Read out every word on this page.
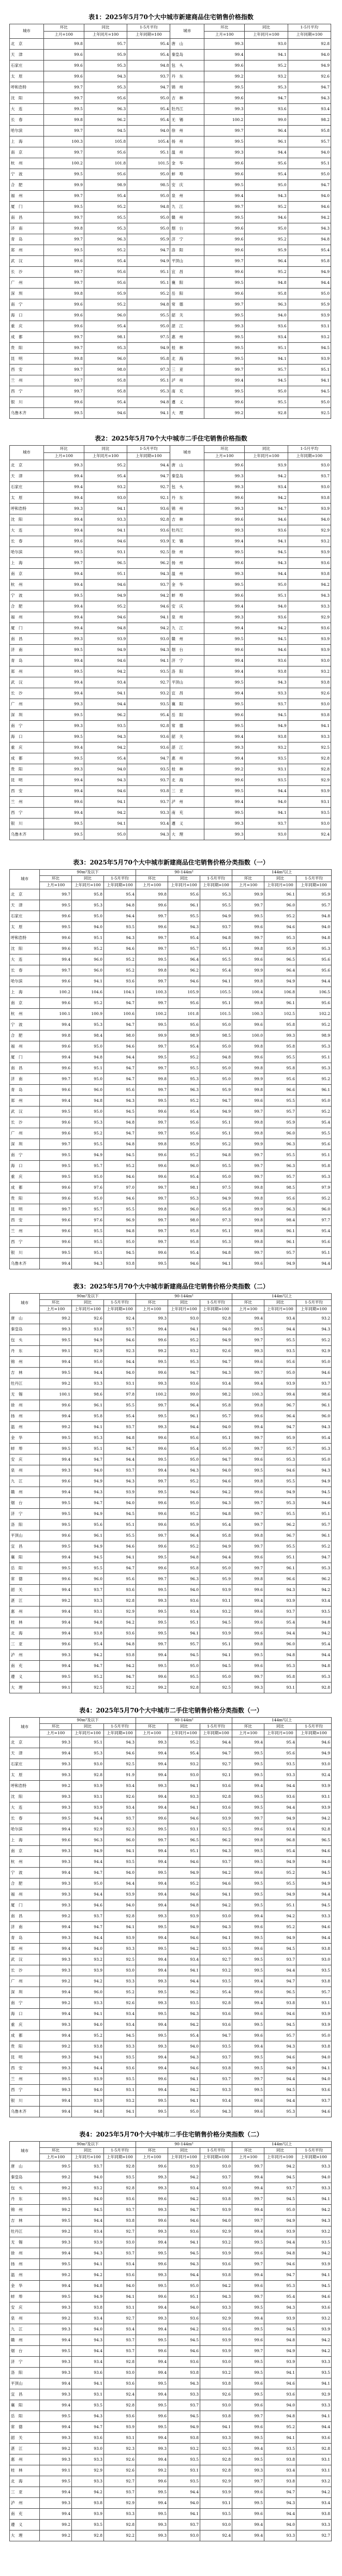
表1：2025年5月70个大中城市新建商品住宅销售价格指数
城市	环比	同比	1-5月平均	城市	环比	同比	1-5月平均
	上月=100	上年同月=100	上年同期=100		上月=100	上年同月=100	上年同期=100
北　京	99.8	95.7	95.4	唐　山	99.3	93.0	92.8
天　津	99.6	95.9	95.4	秦皇岛	99.4	94.1	94.0
石家庄	99.6	95.3	94.8	包　头	99.6	95.2	94.9
太　原	99.6	94.3	93.7	丹　东	99.2	93.2	92.6
呼和浩特	99.7	95.3	94.7	锦　州	99.5	95.3	94.7
沈　阳	99.7	95.6	95.0	吉　林	99.6	94.7	94.3
大　连	99.5	96.3	95.4	牡丹江	99.3	93.6	93.4
长　春	99.8	96.2	95.4	无　锡	100.2	99.0	98.2
哈尔滨	99.7	94.5	94.0	徐　州	99.7	96.4	95.8
上　海	100.3	105.8	105.4	扬　州	99.5	96.1	95.7
南　京	99.7	95.6	95.1	温　州	99.3	94.4	94.0
杭　州	100.2	101.8	101.5	金　华	99.6	95.6	95.1
宁　波	99.5	95.6	95.0	蚌　埠	99.6	95.4	95.0
合　肥	99.9	98.9	98.5	安　庆	99.5	95.0	94.7
福　州	99.7	95.4	95.0	泉　州	99.4	94.3	94.0
厦　门	99.5	95.2	94.8	九　江	99.7	95.2	94.6
南　昌	99.7	95.5	95.0	赣　州	99.5	94.6	94.2
济　南	99.8	95.3	95.0	烟　台	99.6	95.0	94.3
青　岛	99.7	96.3	95.9	济　宁	99.6	95.2	94.8
郑　州	99.5	95.2	94.7	洛　阳	99.6	95.9	95.4
武　汉	99.6	95.4	94.9	平顶山	99.7	96.4	95.8
长　沙	99.7	95.6	95.1	宜　昌	99.6	95.2	94.9
广　州	99.7	95.6	95.1	襄　阳	99.5	94.8	94.4
深　圳	99.8	95.9	95.2	岳　阳	99.6	95.8	95.0
南　宁	99.6	95.2	94.8	常　德	99.7	96.3	95.9
海　口	99.6	96.0	95.5	韶　关	99.5	94.0	93.9
重　庆	99.6	95.4	95.0	湛　江	99.3	93.6	93.1
成　都	99.7	98.1	97.5	惠　州	99.5	93.4	93.2
贵　阳	99.7	95.3	94.9	桂　林	99.5	95.1	94.5
昆　明	99.8	96.0	95.8	北　海	99.5	94.1	93.9
西　安	99.7	98.0	97.3	三　亚	99.7	95.7	95.1
兰　州	99.7	95.8	95.1	泸　州	99.4	94.5	94.1
西　宁	99.7	95.8	95.3	南　充	99.5	95.0	94.5
银　川	99.6	95.4	94.8	遵　义	99.6	95.5	95.0
乌鲁木齐	99.5	94.6	94.1	大　理	99.2	92.8	92.5
表2：2025年5月70个大中城市二手住宅销售价格指数
城市	环比	同比	1-5月平均	城市	环比	同比	1-5月平均
	上月=100	上年同月=100	上年同期=100		上月=100	上年同月=100	上年同期=100
北　京	99.3	95.2	94.4	唐　山	99.6	93.9	93.0
天　津	99.4	95.4	94.7	秦皇岛	99.3	94.2	93.7
石家庄	99.4	93.2	92.7	包　头	99.3	93.4	93.0
太　原	99.4	93.0	92.1	丹　东	99.6	94.2	93.8
呼和浩特	99.3	94.1	93.6	锦　州	99.3	94.7	93.9
沈　阳	99.4	93.3	92.8	吉　林	99.6	94.6	94.0
大　连	99.4	94.1	93.6	牡丹江	99.3	93.6	92.9
长　春	99.6	94.6	93.9	无　锡	99.4	94.1	93.2
哈尔滨	99.5	93.1	92.5	徐　州	99.5	94.5	93.9
上　海	99.7	96.5	96.2	扬　州	99.6	94.3	93.6
南　京	99.4	95.1	94.3	温　州	99.3	94.4	93.8
杭　州	99.4	94.6	93.7	金　华	99.5	95.0	94.2
宁　波	99.5	94.9	94.2	蚌　埠	99.6	95.1	94.3
合　肥	99.4	95.2	94.6	安　庆	99.4	94.0	93.3
福　州	99.4	94.6	94.1	泉　州	99.3	93.6	92.9
厦　门	99.4	94.8	94.2	九　江	99.4	94.2	93.6
南　昌	99.3	93.9	93.0	赣　州	99.5	94.5	93.9
济　南	99.5	94.9	94.3	烟　台	99.6	94.6	93.9
青　岛	99.4	94.6	94.1	济　宁	99.4	93.6	93.0
郑　州	99.5	94.2	93.5	洛　阳	99.4	93.8	93.2
武　汉	99.4	93.4	92.7	平顶山	99.5	94.3	93.8
长　沙	99.4	94.1	93.2	宜　昌	99.4	93.3	92.6
广　州	99.3	94.4	93.5	襄　阳	99.5	93.7	93.0
深　圳	99.5	96.2	95.4	岳　阳	99.6	94.5	93.8
南　宁	99.3	93.5	92.8	常　德	99.5	94.9	94.1
海　口	99.5	94.3	93.6	韶　关	99.4	93.8	93.3
重　庆	99.4	94.2	93.6	湛　江	99.3	93.2	92.5
成　都	99.5	95.4	94.7	惠　州	99.4	93.5	92.8
贵　阳	99.3	94.0	93.5	桂　林	99.2	93.1	92.8
昆　明	99.4	94.3	93.7	北　海	99.6	93.5	92.9
西　安	99.4	94.6	93.8	三　亚	99.5	94.4	93.9
兰　州	99.6	94.1	93.7	泸　州	99.4	94.0	93.1
西　宁	99.4	94.2	93.3	南　充	99.5	94.1	93.5
银　川	99.5	94.1	93.4	遵　义	99.3	93.7	93.0
乌鲁木齐	99.5	95.0	94.3	大　理	99.3	93.0	92.4
表3：2025年5月70个大中城市新建商品住宅销售价格分类指数（一）
城市	90m²及以下			90-144m²			144m²以上		
	环比	同比	1-5月平均	环比	同比	1-5月平均	环比	同比	1-5月平均
	上月=100	上年同月=100	上年同期=100	上月=100	上年同月=100	上年同期=100	上月=100	上年同月=100	上年同期=100
北　京	99.7	95.8	95.4	99.8	95.6	95.3	99.9	96.1	95.9
天　津	99.5	95.3	94.8	99.6	96.1	95.5	99.7	96.0	95.7
石家庄	99.6	95.0	94.4	99.7	95.5	94.9	99.5	95.2	94.8
太　原	99.5	94.0	93.5	99.6	94.3	93.7	99.6	94.6	94.0
呼和浩特	99.6	95.1	94.3	99.7	95.4	94.8	99.7	95.3	94.8
沈　阳	99.6	95.2	94.6	99.7	95.7	95.1	99.8	95.9	95.3
大　连	99.4	96.0	95.2	99.5	96.4	95.5	99.6	96.5	95.6
长　春	99.7	96.0	95.2	99.8	96.2	95.4	99.9	96.4	95.6
哈尔滨	99.6	94.1	93.6	99.7	94.6	94.1	99.8	94.9	94.4
上　海	100.2	104.6	104.1	100.3	105.9	105.5	100.4	106.8	106.5
南　京	99.6	95.2	94.7	99.7	95.6	95.1	99.8	96.1	95.6
杭　州	100.1	100.9	100.6	100.2	101.8	101.5	100.3	102.5	102.2
宁　波	99.4	95.3	94.7	99.5	95.6	95.0	99.6	95.8	95.2
合　肥	99.8	98.4	98.0	99.9	98.9	98.5	100.0	99.3	98.9
福　州	99.6	95.0	94.6	99.7	95.4	95.0	99.8	95.8	95.3
厦　门	99.4	94.8	94.4	99.5	95.2	94.8	99.6	95.5	95.1
南　昌	99.6	95.1	94.7	99.7	95.5	95.0	99.8	95.8	95.3
济　南	99.7	95.0	94.7	99.8	95.3	95.0	99.9	95.6	95.2
青　岛	99.6	96.0	95.6	99.7	96.3	95.9	99.8	96.6	96.1
郑　州	99.4	94.8	94.3	99.5	95.2	94.7	99.6	95.5	95.0
武　汉	99.5	95.0	94.5	99.6	95.4	94.9	99.7	95.7	95.2
长　沙	99.6	95.3	94.8	99.7	95.6	95.1	99.8	95.9	95.4
广　州	99.6	95.2	94.7	99.7	95.6	95.1	99.8	96.0	95.5
深　圳	99.7	95.5	94.8	99.8	95.9	95.2	99.9	96.3	95.6
南　宁	99.5	94.9	94.5	99.6	95.2	94.8	99.7	95.5	95.1
海　口	99.5	95.7	95.2	99.6	96.0	95.5	99.7	96.3	95.8
重　庆	99.5	95.0	94.6	99.6	95.4	95.0	99.7	95.7	95.3
成　都	99.6	97.6	97.0	99.7	98.1	97.5	99.8	98.5	97.9
贵　阳	99.6	95.0	94.6	99.7	95.3	94.9	99.8	95.6	95.2
昆　明	99.7	95.7	95.5	99.8	96.0	95.8	99.9	96.3	96.0
西　安	99.6	97.6	96.9	99.7	98.0	97.3	99.8	98.4	97.7
兰　州	99.6	95.5	94.8	99.7	95.8	95.1	99.8	96.1	95.4
西　宁	99.6	95.5	95.0	99.7	95.8	95.3	99.8	96.1	95.6
银　川	99.5	95.1	94.5	99.6	95.4	94.8	99.7	95.7	95.1
乌鲁木齐	99.4	94.3	93.8	99.5	94.6	94.1	99.6	94.9	94.4
表3：2025年5月70个大中城市新建商品住宅销售价格分类指数（二）
城市	90m²及以下			90-144m²			144m²以上		
	环比	同比	1-5月平均	环比	同比	1-5月平均	环比	同比	1-5月平均
	上月=100	上年同月=100	上年同期=100	上月=100	上年同月=100	上年同期=100	上月=100	上年同月=100	上年同期=100
唐　山	99.2	92.6	92.4	99.3	93.0	92.8	99.4	93.4	93.2
秦皇岛	99.3	93.8	93.7	99.4	94.1	94.0	99.5	94.4	94.3
包　头	99.5	94.9	94.6	99.6	95.2	94.9	99.7	95.5	95.2
丹　东	99.1	92.9	92.3	99.2	93.2	92.6	99.3	93.5	92.9
锦　州	99.4	95.0	94.4	99.5	95.3	94.7	99.6	95.6	95.0
吉　林	99.5	94.4	94.0	99.6	94.7	94.3	99.7	95.0	94.6
牡丹江	99.2	93.3	93.1	99.3	93.6	93.4	99.4	93.9	93.7
无　锡	100.1	98.6	97.8	100.2	99.0	98.2	100.3	99.4	98.6
徐　州	99.6	96.1	95.5	99.7	96.4	95.8	99.8	96.7	96.1
扬　州	99.4	95.8	95.4	99.5	96.1	95.7	99.6	96.4	96.0
温　州	99.2	94.1	93.7	99.3	94.4	94.0	99.4	94.7	94.3
金　华	99.5	95.3	94.8	99.6	95.6	95.1	99.7	95.9	95.4
蚌　埠	99.5	95.1	94.7	99.6	95.4	95.0	99.7	95.7	95.3
安　庆	99.4	94.7	94.4	99.5	95.0	94.7	99.6	95.3	95.0
泉　州	99.3	94.0	93.7	99.4	94.3	94.0	99.5	94.6	94.3
九　江	99.6	94.9	94.3	99.7	95.2	94.6	99.8	95.5	94.9
赣　州	99.4	94.3	93.9	99.5	94.6	94.2	99.6	94.9	94.5
烟　台	99.5	94.7	94.0	99.6	95.0	94.3	99.7	95.3	94.6
济　宁	99.5	94.9	94.5	99.6	95.2	94.8	99.7	95.5	95.1
洛　阳	99.5	95.6	95.1	99.6	95.9	95.4	99.7	96.2	95.7
平顶山	99.6	96.1	95.5	99.7	96.4	95.8	99.8	96.7	96.1
宜　昌	99.5	94.9	94.6	99.6	95.2	94.9	99.7	95.5	95.2
襄　阳	99.4	94.5	94.1	99.5	94.8	94.4	99.6	95.1	94.7
岳　阳	99.5	95.5	94.7	99.6	95.8	95.0	99.7	96.1	95.3
常　德	99.6	96.0	95.6	99.7	96.3	95.9	99.8	96.6	96.2
韶　关	99.4	93.7	93.6	99.5	94.0	93.9	99.6	94.3	94.2
湛　江	99.2	93.3	92.8	99.3	93.6	93.1	99.4	93.9	93.4
惠　州	99.4	93.1	92.9	99.5	93.4	93.2	99.6	93.7	93.5
桂　林	99.4	94.8	94.2	99.5	95.1	94.5	99.6	95.4	94.8
北　海	99.4	93.8	93.6	99.5	94.1	93.9	99.6	94.4	94.2
三　亚	99.6	95.4	94.8	99.7	95.7	95.1	99.8	96.0	95.4
泸　州	99.3	94.2	93.8	99.4	94.5	94.1	99.5	94.8	94.4
南　充	99.4	94.7	94.2	99.5	95.0	94.5	99.6	95.3	94.8
遵　义	99.5	95.2	94.7	99.6	95.5	95.0	99.7	95.8	95.3
大　理	99.1	92.5	92.2	99.2	92.8	92.5	99.3	93.1	92.8
表4：2025年5月70个大中城市二手住宅销售价格分类指数（一）
城市	90m²及以下			90-144m²			144m²以上		
	环比	同比	1-5月平均	环比	同比	1-5月平均	环比	同比	1-5月平均
	上月=100	上年同月=100	上年同期=100	上月=100	上年同月=100	上年同期=100	上月=100	上年同月=100	上年同期=100
北　京	99.3	95.1	94.3	99.3	95.2	94.4	99.4	95.4	94.6
天　津	99.4	95.3	94.6	99.4	95.4	94.7	99.5	95.6	94.9
石家庄	99.3	93.0	92.5	99.4	93.2	92.7	99.5	93.5	93.0
太　原	99.3	92.8	91.9	99.4	93.0	92.1	99.5	93.3	92.4
呼和浩特	99.2	93.9	93.4	99.3	94.1	93.6	99.4	94.4	93.9
沈　阳	99.3	93.1	92.6	99.4	93.3	92.8	99.5	93.6	93.1
大　连	99.3	93.9	93.4	99.4	94.1	93.6	99.5	94.4	93.9
长　春	99.5	94.4	93.7	99.6	94.6	93.9	99.7	94.9	94.2
哈尔滨	99.4	92.9	92.3	99.5	93.1	92.5	99.6	93.4	92.8
上　海	99.6	96.3	96.0	99.7	96.5	96.2	99.8	96.8	96.5
南　京	99.3	94.9	94.1	99.4	95.1	94.3	99.5	95.4	94.6
杭　州	99.3	94.4	93.5	99.4	94.6	93.7	99.5	94.9	94.0
宁　波	99.4	94.7	94.0	99.5	94.9	94.2	99.6	95.2	94.5
合　肥	99.3	95.0	94.4	99.4	95.2	94.6	99.5	95.5	94.9
福　州	99.3	94.4	93.9	99.4	94.6	94.1	99.5	94.9	94.4
厦　门	99.3	94.6	94.0	99.4	94.8	94.2	99.5	95.1	94.5
南　昌	99.2	93.7	92.8	99.3	93.9	93.0	99.4	94.2	93.3
济　南	99.4	94.7	94.1	99.5	94.9	94.3	99.6	95.2	94.6
青　岛	99.3	94.4	93.9	99.4	94.6	94.1	99.5	94.9	94.4
郑　州	99.4	94.0	93.3	99.5	94.2	93.5	99.6	94.5	93.8
武　汉	99.3	93.2	92.5	99.4	93.4	92.7	99.5	93.7	93.0
长　沙	99.3	93.9	93.0	99.4	94.1	93.2	99.5	94.4	93.5
广　州	99.2	94.2	93.3	99.3	94.4	93.5	99.4	94.7	93.8
深　圳	99.4	96.0	95.2	99.5	96.2	95.4	99.6	96.5	95.7
南　宁	99.2	93.3	92.6	99.3	93.5	92.8	99.4	93.8	93.1
海　口	99.4	94.1	93.4	99.5	94.3	93.6	99.6	94.6	93.9
重　庆	99.3	94.0	93.4	99.4	94.2	93.6	99.5	94.5	93.9
成　都	99.4	95.2	94.5	99.5	95.4	94.7	99.6	95.7	95.0
贵　阳	99.2	93.8	93.3	99.3	94.0	93.5	99.4	94.3	93.8
昆　明	99.3	94.1	93.5	99.4	94.3	93.7	99.5	94.6	94.0
西　安	99.3	94.4	93.6	99.4	94.6	93.8	99.5	94.9	94.1
兰　州	99.5	93.9	93.5	99.6	94.1	93.7	99.7	94.4	94.0
西　宁	99.3	94.0	93.1	99.4	94.2	93.3	99.5	94.5	93.6
银　川	99.4	93.9	93.2	99.5	94.1	93.4	99.6	94.4	93.7
乌鲁木齐	99.4	94.8	94.1	99.5	95.0	94.3	99.6	95.3	94.6
表4：2025年5月70个大中城市二手住宅销售价格分类指数（二）
城市	90m²及以下			90-144m²			144m²以上		
	环比	同比	1-5月平均	环比	同比	1-5月平均	环比	同比	1-5月平均
	上月=100	上年同月=100	上年同期=100	上月=100	上年同月=100	上年同期=100	上月=100	上年同月=100	上年同期=100
唐　山	99.5	93.7	92.8	99.6	93.9	93.0	99.7	94.2	93.3
秦皇岛	99.2	94.0	93.5	99.3	94.2	93.7	99.4	94.5	94.0
包　头	99.2	93.2	92.8	99.3	93.4	93.0	99.4	93.7	93.3
丹　东	99.5	94.0	93.6	99.6	94.2	93.8	99.7	94.5	94.1
锦　州	99.2	94.5	93.7	99.3	94.7	93.9	99.4	95.0	94.2
吉　林	99.5	94.4	93.8	99.6	94.6	94.0	99.7	94.9	94.3
牡丹江	99.2	93.4	92.7	99.3	93.6	92.9	99.4	93.9	93.2
无　锡	99.3	93.9	93.0	99.4	94.1	93.2	99.5	94.4	93.5
徐　州	99.4	94.3	93.7	99.5	94.5	93.9	99.6	94.8	94.2
扬　州	99.5	94.1	93.4	99.6	94.3	93.6	99.7	94.6	93.9
温　州	99.2	94.2	93.6	99.3	94.4	93.8	99.4	94.7	94.1
金　华	99.4	94.8	94.0	99.5	95.0	94.2	99.6	95.3	94.5
蚌　埠	99.5	94.9	94.1	99.6	95.1	94.3	99.7	95.4	94.6
安　庆	99.3	93.8	93.1	99.4	94.0	93.3	99.5	94.3	93.6
泉　州	99.2	93.4	92.7	99.3	93.6	92.9	99.4	93.9	93.2
九　江	99.3	94.0	93.4	99.4	94.2	93.6	99.5	94.5	93.9
赣　州	99.4	94.3	93.7	99.5	94.5	93.9	99.6	94.8	94.2
烟　台	99.5	94.4	93.7	99.6	94.6	93.9	99.7	94.9	94.2
济　宁	99.3	93.4	92.8	99.4	93.6	93.0	99.5	93.9	93.3
洛　阳	99.3	93.6	93.0	99.4	93.8	93.2	99.5	94.1	93.5
平顶山	99.4	94.1	93.6	99.5	94.3	93.8	99.6	94.6	94.1
宜　昌	99.3	93.1	92.4	99.4	93.3	92.6	99.5	93.6	92.9
襄　阳	99.4	93.5	92.8	99.5	93.7	93.0	99.6	94.0	93.3
岳　阳	99.5	94.3	93.6	99.6	94.5	93.8	99.7	94.8	94.1
常　德	99.4	94.7	93.9	99.5	94.9	94.1	99.6	95.2	94.4
韶　关	99.3	93.6	93.1	99.4	93.8	93.3	99.5	94.1	93.6
湛　江	99.2	93.0	92.3	99.3	93.2	92.5	99.4	93.5	92.8
惠　州	99.3	93.3	92.6	99.4	93.5	92.8	99.5	93.8	93.1
桂　林	99.1	92.9	92.6	99.2	93.1	92.8	99.3	93.4	93.1
北　海	99.5	93.3	92.7	99.6	93.5	92.9	99.7	93.8	93.2
三　亚	99.4	94.2	93.7	99.5	94.4	93.9	99.6	94.7	94.2
泸　州	99.3	93.8	92.9	99.4	94.0	93.1	99.5	94.3	93.4
南　充	99.4	93.9	93.3	99.5	94.1	93.5	99.6	94.4	93.8
遵　义	99.2	93.5	92.8	99.3	93.7	93.0	99.4	94.0	93.3
大　理	99.2	92.8	92.2	99.3	93.0	92.4	99.4	93.3	92.7
